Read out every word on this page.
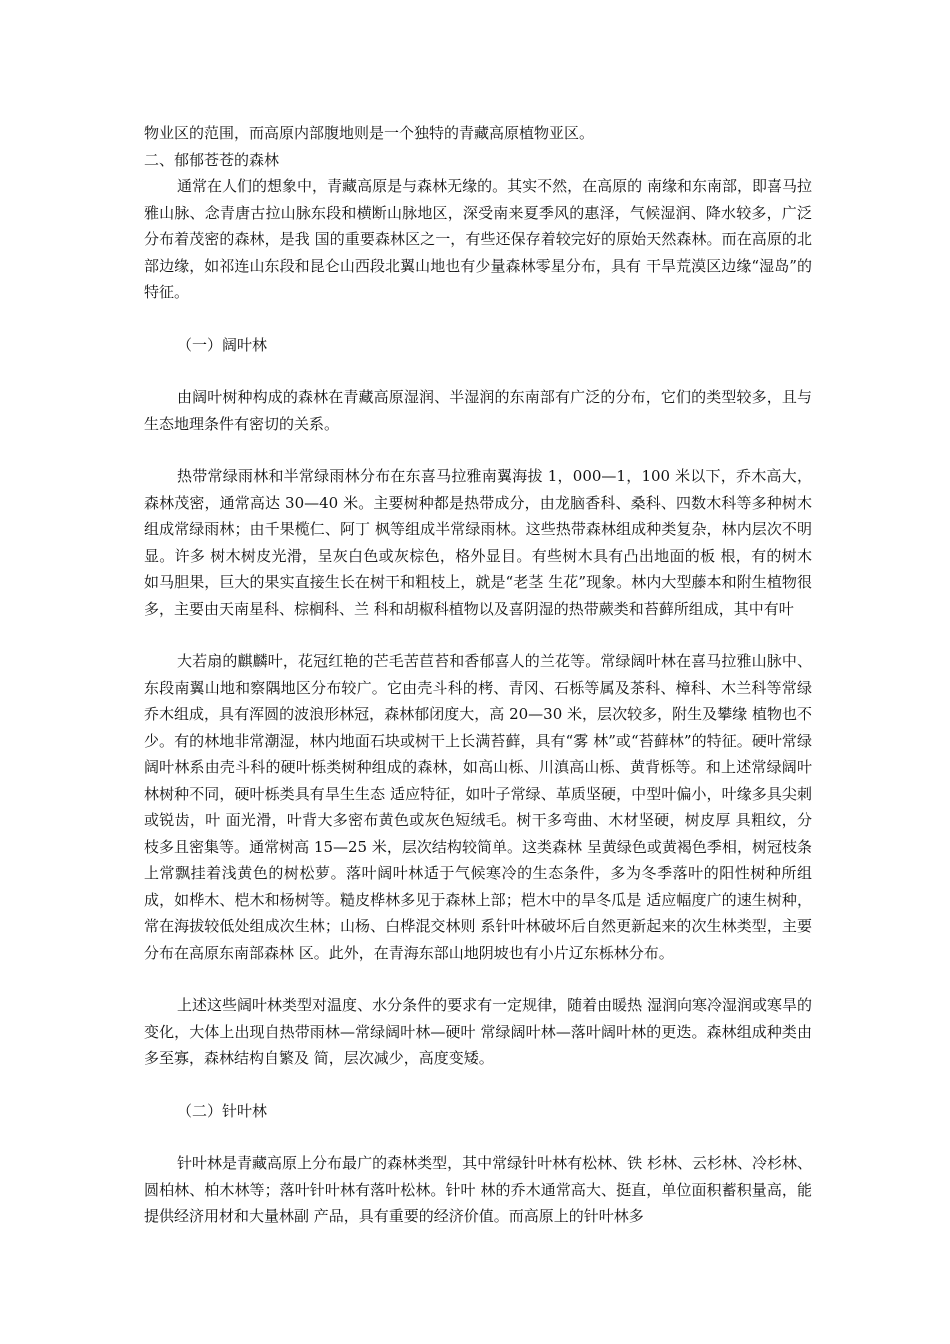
物业区的范围，而高原内部腹地则是一个独特的青藏高原植物亚区。

二、郁郁苍苍的森林

通常在人们的想象中，青藏高原是与森林无缘的。其实不然，在高原的 南缘和东南部，即喜马拉雅山脉、念青唐古拉山脉东段和横断山脉地区，深受南来夏季风的惠泽，气候湿润、降水较多，广泛分布着茂密的森林，是我 国的重要森林区之一，有些还保存着较完好的原始天然森林。而在高原的北 部边缘，如祁连山东段和昆仑山西段北翼山地也有少量森林零星分布，具有 干旱荒漠区边缘“湿岛”的特征。

（一）阔叶林

由阔叶树种构成的森林在青藏高原湿润、半湿润的东南部有广泛的分布，它们的类型较多，且与生态地理条件有密切的关系。

热带常绿雨林和半常绿雨林分布在东喜马拉雅南翼海拔 1，000—1，100 米以下，乔木高大，森林茂密，通常高达 30—40 米。主要树种都是热带成分，由龙脑香科、桑科、四数木科等多种树木组成常绿雨林；由千果榄仁、阿丁 枫等组成半常绿雨林。这些热带森林组成种类复杂，林内层次不明显。许多 树木树皮光滑，呈灰白色或灰棕色，格外显目。有些树木具有凸出地面的板 根，有的树木如马胆果，巨大的果实直接生长在树干和粗枝上，就是“老茎 生花”现象。林内大型藤本和附生植物很多，主要由天南星科、棕榈科、兰 科和胡椒科植物以及喜阴湿的热带蕨类和苔藓所组成，其中有叶

大若扇的麒麟叶，花冠红艳的芒毛苦苣苔和香郁喜人的兰花等。常绿阔叶林在喜马拉雅山脉中、东段南翼山地和察隅地区分布较广。它由壳斗科的栲、青冈、石栎等属及茶科、樟科、木兰科等常绿乔木组成，具有浑圆的波浪形林冠，森林郁闭度大，高 20—30 米，层次较多，附生及攀缘 植物也不少。有的林地非常潮湿，林内地面石块或树干上长满苔藓，具有“雾 林”或“苔藓林”的特征。硬叶常绿阔叶林系由壳斗科的硬叶栎类树种组成的森林，如高山栎、川滇高山栎、黄背栎等。和上述常绿阔叶林树种不同，硬叶栎类具有旱生生态 适应特征，如叶子常绿、革质坚硬，中型叶偏小，叶缘多具尖刺或锐齿，叶 面光滑，叶背大多密布黄色或灰色短绒毛。树干多弯曲、木材坚硬，树皮厚 具粗纹，分枝多且密集等。通常树高 15—25 米，层次结构较简单。这类森林 呈黄绿色或黄褐色季相，树冠枝条上常飘挂着浅黄色的树松萝。落叶阔叶林适于气候寒冷的生态条件，多为冬季落叶的阳性树种所组成，如桦木、桤木和杨树等。糙皮桦林多见于森林上部；桤木中的旱冬瓜是 适应幅度广的速生树种，常在海拔较低处组成次生林；山杨、白桦混交林则 系针叶林破坏后自然更新起来的次生林类型，主要分布在高原东南部森林 区。此外，在青海东部山地阴坡也有小片辽东栎林分布。

上述这些阔叶林类型对温度、水分条件的要求有一定规律，随着由暖热 湿润向寒冷湿润或寒旱的变化，大体上出现自热带雨林—常绿阔叶林—硬叶 常绿阔叶林—落叶阔叶林的更迭。森林组成种类由多至寡，森林结构自繁及 简，层次减少，高度变矮。

（二）针叶林

针叶林是青藏高原上分布最广的森林类型，其中常绿针叶林有松林、铁 杉林、云杉林、冷杉林、圆柏林、柏木林等；落叶针叶林有落叶松林。针叶 林的乔木通常高大、挺直，单位面积蓄积量高，能提供经济用材和大量林副 产品，具有重要的经济价值。而高原上的针叶林多
